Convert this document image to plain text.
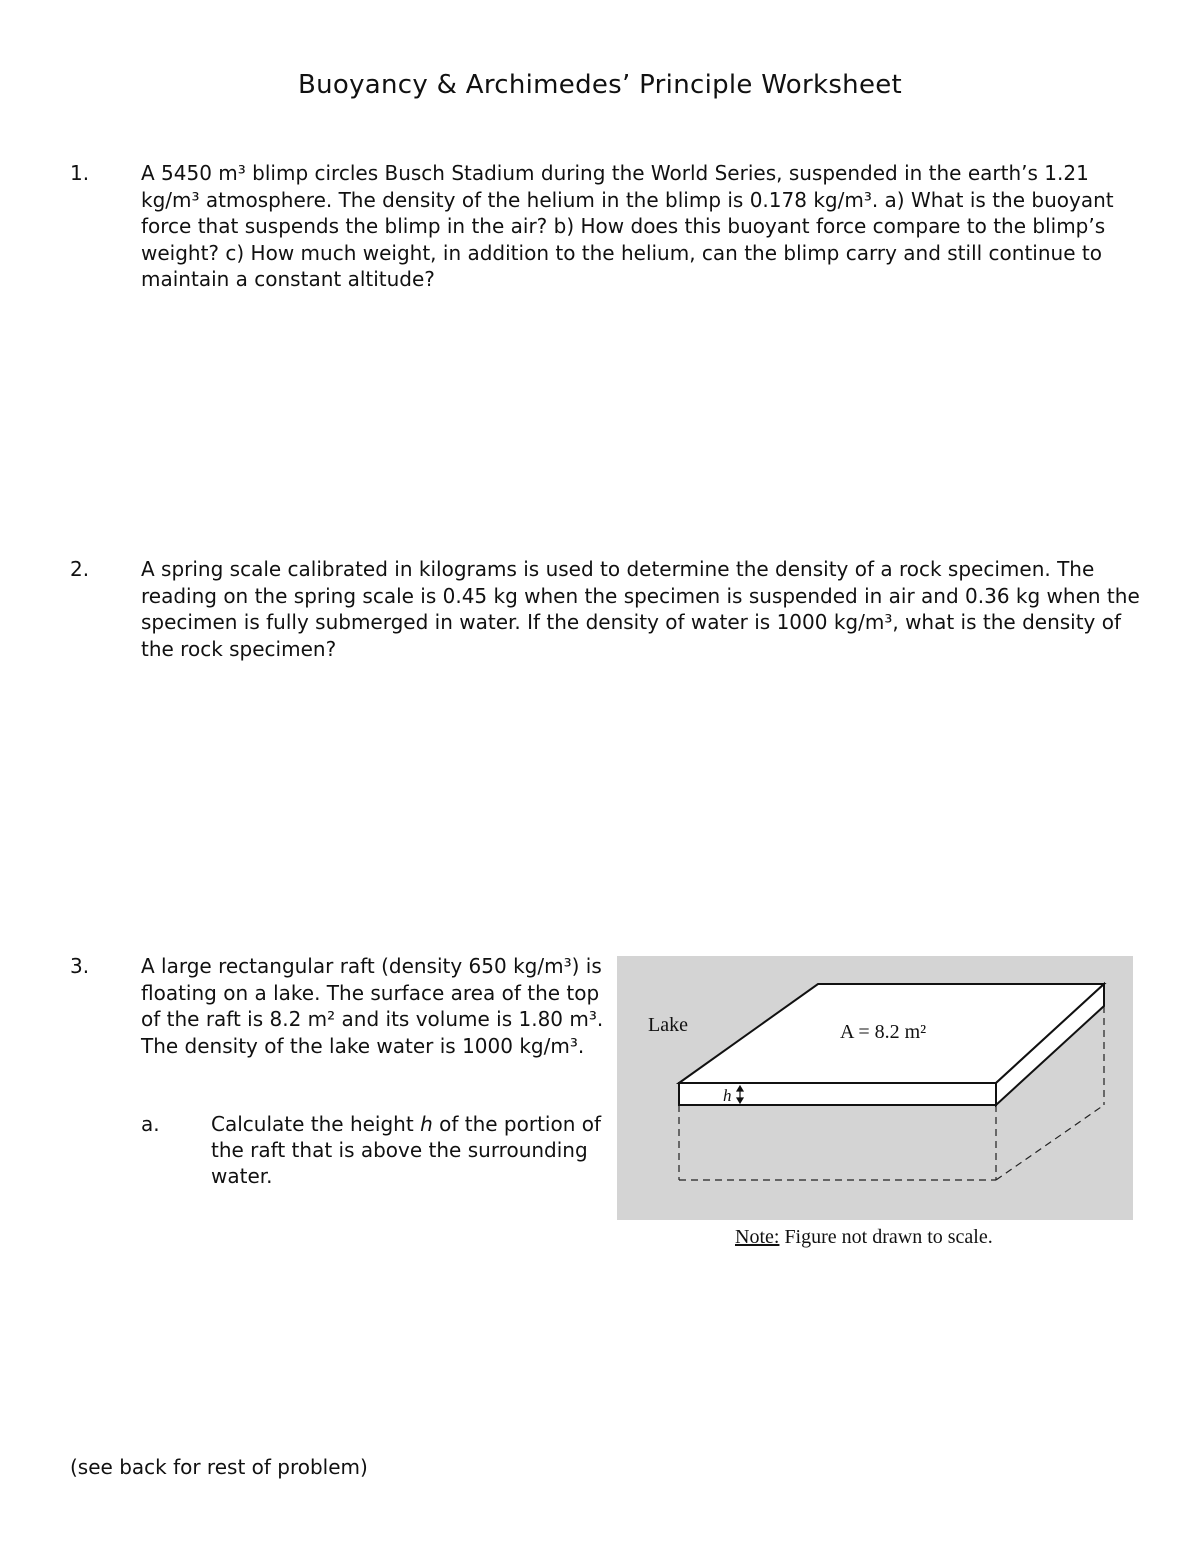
Buoyancy & Archimedes’ Principle Worksheet
1.	A 5450 m³ blimp circles Busch Stadium during the World Series, suspended in the earth’s 1.21 kg/m³ atmosphere. The density of the helium in the blimp is 0.178 kg/m³. a) What is the buoyant force that suspends the blimp in the air? b) How does this buoyant force compare to the blimp’s weight? c) How much weight, in addition to the helium, can the blimp carry and still continue to maintain a constant altitude?
2.	A spring scale calibrated in kilograms is used to determine the density of a rock specimen. The reading on the spring scale is 0.45 kg when the specimen is suspended in air and 0.36 kg when the specimen is fully submerged in water. If the density of water is 1000 kg/m³, what is the density of the rock specimen?
3.	A large rectangular raft (density 650 kg/m³) is floating on a lake. The surface area of the top of the raft is 8.2 m² and its volume is 1.80 m³. The density of the lake water is 1000 kg/m³.
a.	Calculate the height h of the portion of the raft that is above the surrounding water.
h
Lake	A = 8.2 m²
Note: Figure not drawn to scale.
(see back for rest of problem)
